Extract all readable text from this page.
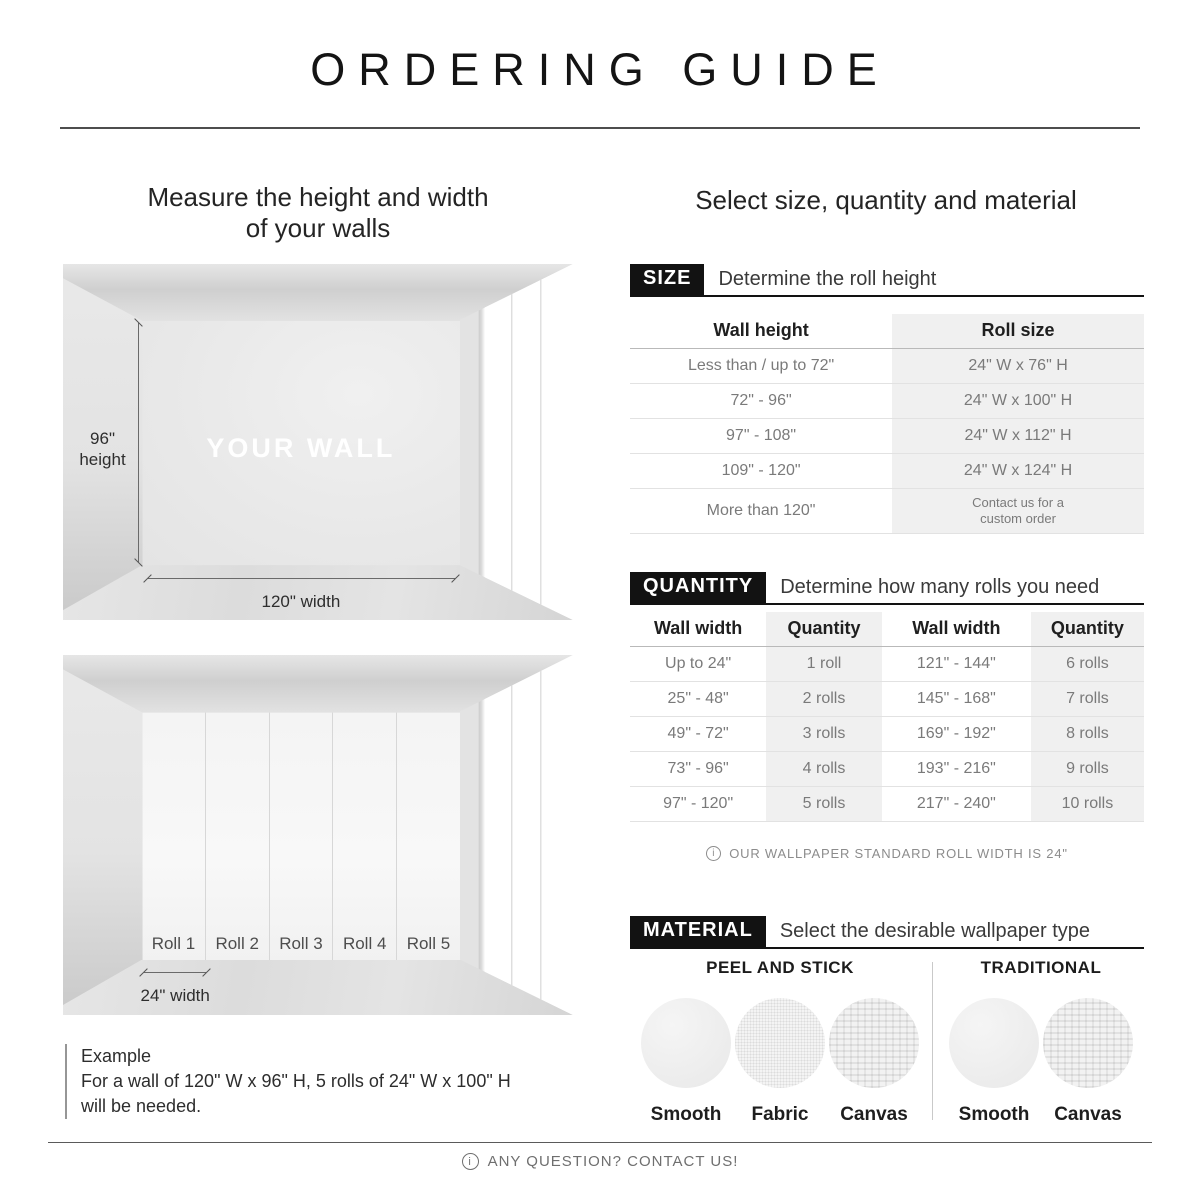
ORDERING GUIDE
Measure the height and width
of your walls
YOUR WALL
96"
height
120" width
Roll 1	Roll 2	Roll 3	Roll 4	Roll 5
24" width
Example
For a wall of 120" W x 96" H, 5 rolls of 24" W x 100" H
will be needed.
Select size, quantity and material
SIZE	Determine the roll height
Wall height	Roll size
Less than / up to 72"	24" W x 76" H
72" - 96"	24" W x 100" H
97" - 108"	24" W x 112" H
109" - 120"	24" W x 124" H
More than 120"	Contact us for a
custom order
QUANTITY	Determine how many rolls you need
Wall width	Quantity	Wall width	Quantity
Up to 24"	1 roll	121" - 144"	6 rolls
25" - 48"	2 rolls	145" - 168"	7 rolls
49" - 72"	3 rolls	169" - 192"	8 rolls
73" - 96"	4 rolls	193" - 216"	9 rolls
97" - 120"	5 rolls	217" - 240"	10 rolls
i	OUR WALLPAPER STANDARD ROLL WIDTH IS 24"
MATERIAL	Select the desirable wallpaper type
PEEL AND STICK
Smooth Fabric Canvas
TRADITIONAL
Smooth Canvas
i	ANY QUESTION? CONTACT US!
